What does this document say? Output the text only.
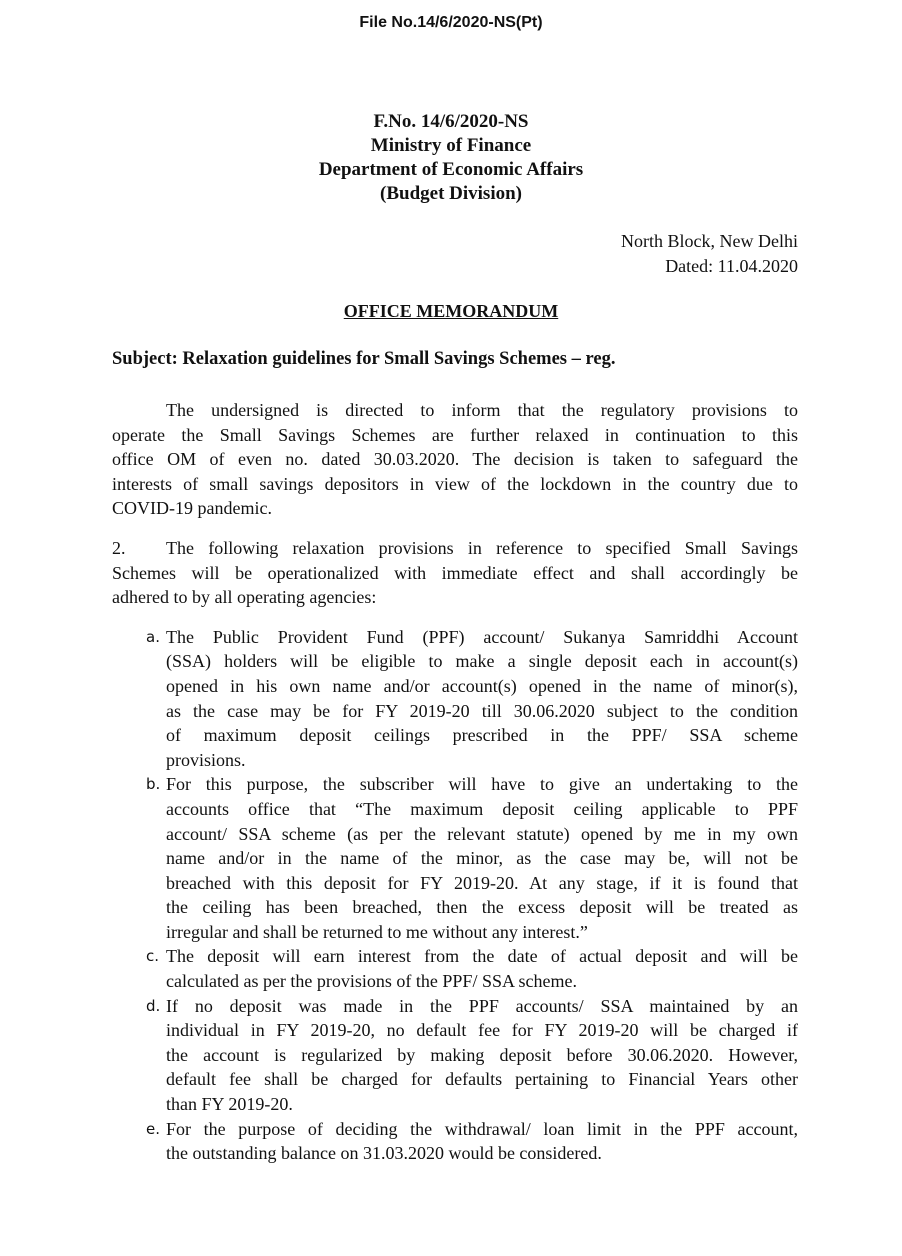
File No.14/6/2020-NS(Pt)
F.No. 14/6/2020-NS
Ministry of Finance
Department of Economic Affairs
(Budget Division)
North Block, New Delhi
Dated: 11.04.2020
OFFICE MEMORANDUM
Subject: Relaxation guidelines for Small Savings Schemes – reg.
The undersigned is directed to inform that the regulatory provisions to
operate the Small Savings Schemes are further relaxed in continuation to this
office OM of even no. dated 30.03.2020. The decision is taken to safeguard the
interests of small savings depositors in view of the lockdown in the country due to
COVID-19 pandemic.
2.	The following relaxation provisions in reference to specified Small Savings
Schemes will be operationalized with immediate effect and shall accordingly be
adhered to by all operating agencies:
a. The Public Provident Fund (PPF) account/ Sukanya Samriddhi Account
(SSA) holders will be eligible to make a single deposit each in account(s)
opened in his own name and/or account(s) opened in the name of minor(s),
as the case may be for FY 2019-20 till 30.06.2020 subject to the condition
of maximum deposit ceilings prescribed in the PPF/ SSA scheme
provisions.
b. For this purpose, the subscriber will have to give an undertaking to the
accounts office that “The maximum deposit ceiling applicable to PPF
account/ SSA scheme (as per the relevant statute) opened by me in my own
name and/or in the name of the minor, as the case may be, will not be
breached with this deposit for FY 2019-20. At any stage, if it is found that
the ceiling has been breached, then the excess deposit will be treated as
irregular and shall be returned to me without any interest.”
c. The deposit will earn interest from the date of actual deposit and will be
calculated as per the provisions of the PPF/ SSA scheme.
d. If no deposit was made in the PPF accounts/ SSA maintained by an
individual in FY 2019-20, no default fee for FY 2019-20 will be charged if
the account is regularized by making deposit before 30.06.2020. However,
default fee shall be charged for defaults pertaining to Financial Years other
than FY 2019-20.
e. For the purpose of deciding the withdrawal/ loan limit in the PPF account,
the outstanding balance on 31.03.2020 would be considered.
